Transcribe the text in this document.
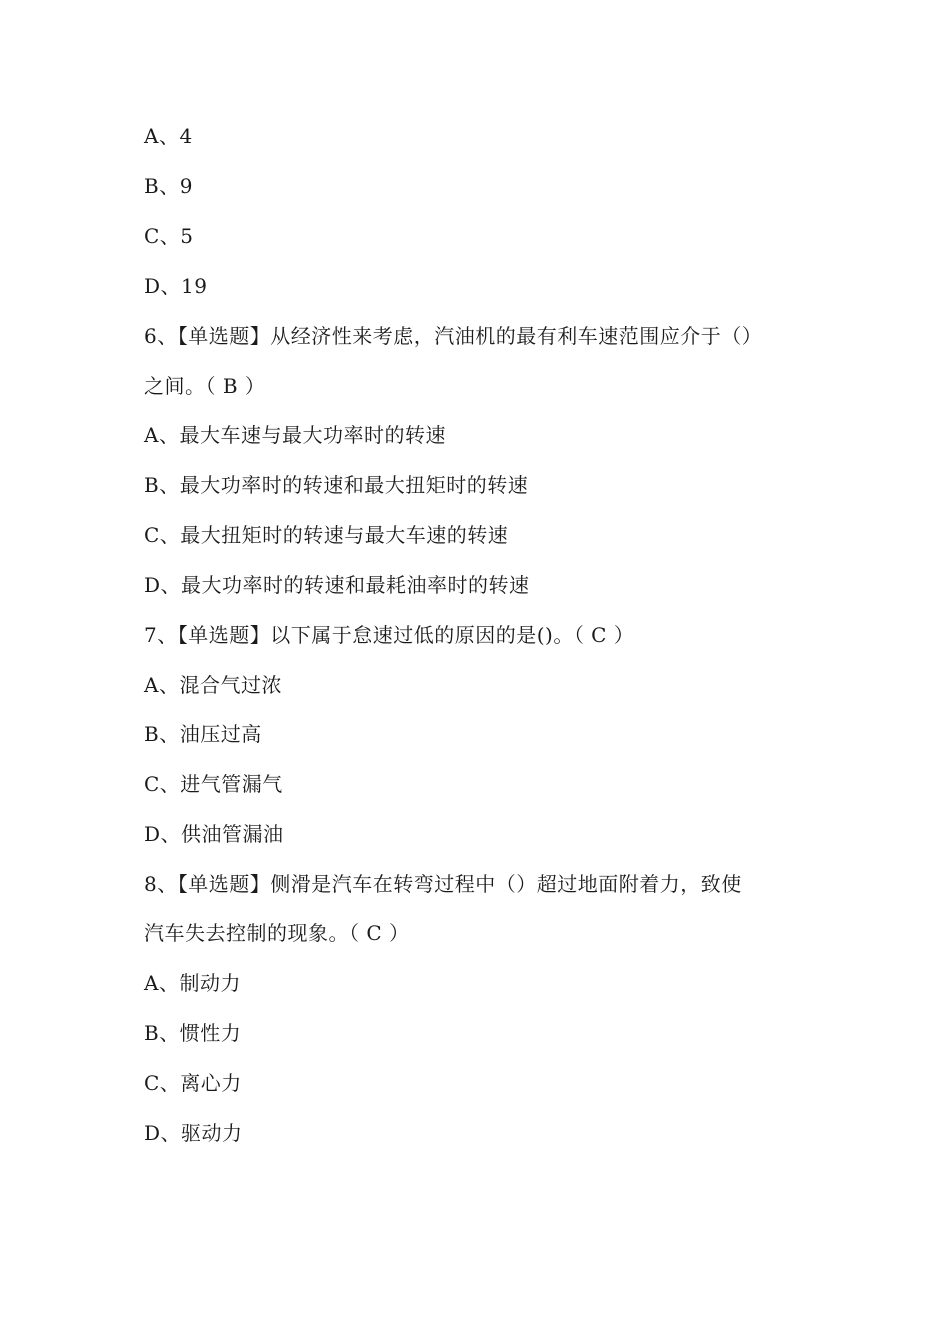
A、4
B、9
C、5
D、19
6、【单选题】从经济性来考虑，汽油机的最有利车速范围应介于（）
之间。（ B ）
A、最大车速与最大功率时的转速
B、最大功率时的转速和最大扭矩时的转速
C、最大扭矩时的转速与最大车速的转速
D、最大功率时的转速和最耗油率时的转速
7、【单选题】以下属于怠速过低的原因的是()。（ C ）
A、混合气过浓
B、油压过高
C、进气管漏气
D、供油管漏油
8、【单选题】侧滑是汽车在转弯过程中（）超过地面附着力，致使
汽车失去控制的现象。（ C ）
A、制动力
B、惯性力
C、离心力
D、驱动力
